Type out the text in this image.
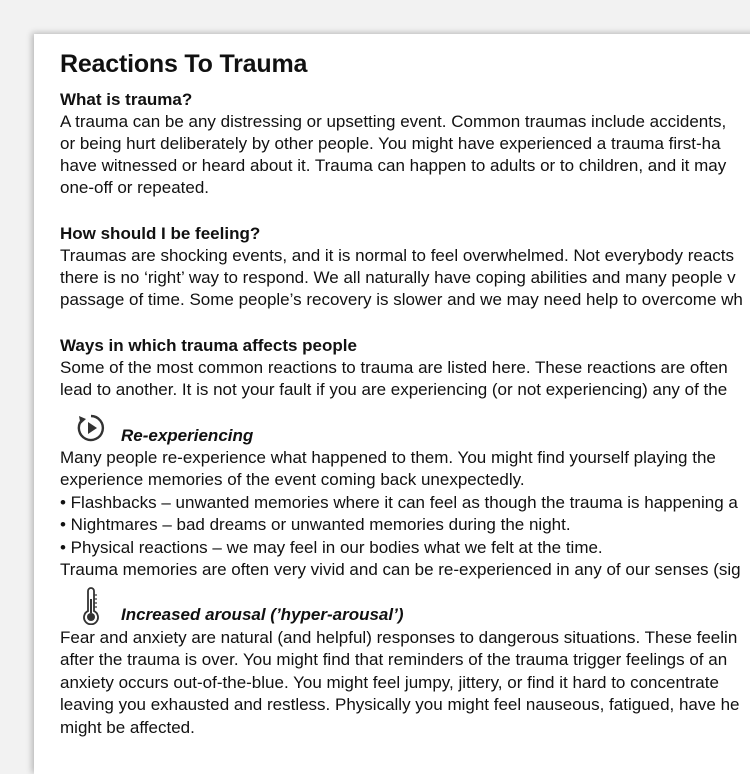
Reactions To Trauma
What is trauma?
A trauma can be any distressing or upsetting event. Common traumas include accidents,
or being hurt deliberately by other people. You might have experienced a trauma first-ha
have witnessed or heard about it. Trauma can happen to adults or to children, and it may
one-off or repeated.
How should I be feeling?
Traumas are shocking events, and it is normal to feel overwhelmed. Not everybody reacts
there is no ‘right’ way to respond. We all naturally have coping abilities and many people v
passage of time. Some people’s recovery is slower and we may need help to overcome wh
Ways in which trauma affects people
Some of the most common reactions to trauma are listed here. These reactions are often
lead to another. It is not your fault if you are experiencing (or not experiencing) any of the
Re-experiencing
Many people re-experience what happened to them. You might find yourself playing the
experience memories of the event coming back unexpectedly.
• Flashbacks – unwanted memories where it can feel as though the trauma is happening a
• Nightmares – bad dreams or unwanted memories during the night.
• Physical reactions – we may feel in our bodies what we felt at the time.
Trauma memories are often very vivid and can be re-experienced in any of our senses (sig
Increased arousal (’hyper-arousal’)
Fear and anxiety are natural (and helpful) responses to dangerous situations. These feelin
after the trauma is over. You might find that reminders of the trauma trigger feelings of an
anxiety occurs out-of-the-blue. You might feel jumpy, jittery, or find it hard to concentrate
leaving you exhausted and restless. Physically you might feel nauseous, fatigued, have he
might be affected.
